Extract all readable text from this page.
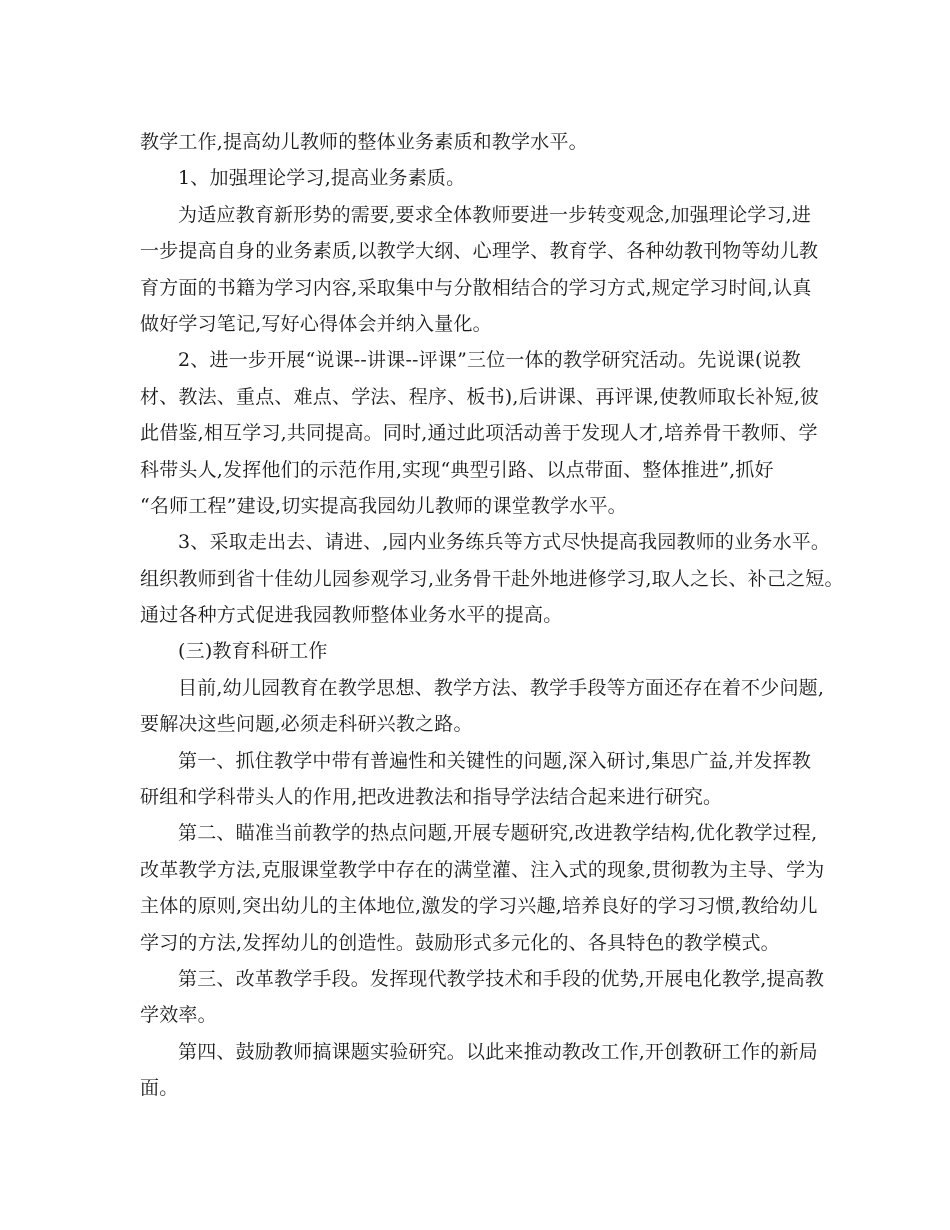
教学工作,提高幼儿教师的整体业务素质和教学水平。
1、加强理论学习,提高业务素质。
为适应教育新形势的需要,要求全体教师要进一步转变观念,加强理论学习,进
一步提高自身的业务素质,以教学大纲、心理学、教育学、各种幼教刊物等幼儿教
育方面的书籍为学习内容,采取集中与分散相结合的学习方式,规定学习时间,认真
做好学习笔记,写好心得体会并纳入量化。
2、进一步开展“说课--讲课--评课”三位一体的教学研究活动。先说课(说教
材、教法、重点、难点、学法、程序、板书),后讲课、再评课,使教师取长补短,彼
此借鉴,相互学习,共同提高。同时,通过此项活动善于发现人才,培养骨干教师、学
科带头人,发挥他们的示范作用,实现“典型引路、以点带面、整体推进”,抓好
“名师工程”建设,切实提高我园幼儿教师的课堂教学水平。
3、采取走出去、请进、,园内业务练兵等方式尽快提高我园教师的业务水平。
组织教师到省十佳幼儿园参观学习,业务骨干赴外地进修学习,取人之长、补己之短。
通过各种方式促进我园教师整体业务水平的提高。
(三)教育科研工作
目前,幼儿园教育在教学思想、教学方法、教学手段等方面还存在着不少问题,
要解决这些问题,必须走科研兴教之路。
第一、抓住教学中带有普遍性和关键性的问题,深入研讨,集思广益,并发挥教
研组和学科带头人的作用,把改进教法和指导学法结合起来进行研究。
第二、瞄准当前教学的热点问题,开展专题研究,改进教学结构,优化教学过程,
改革教学方法,克服课堂教学中存在的满堂灌、注入式的现象,贯彻教为主导、学为
主体的原则,突出幼儿的主体地位,激发的学习兴趣,培养良好的学习习惯,教给幼儿
学习的方法,发挥幼儿的创造性。鼓励形式多元化的、各具特色的教学模式。
第三、改革教学手段。发挥现代教学技术和手段的优势,开展电化教学,提高教
学效率。
第四、鼓励教师搞课题实验研究。以此来推动教改工作,开创教研工作的新局
面。
